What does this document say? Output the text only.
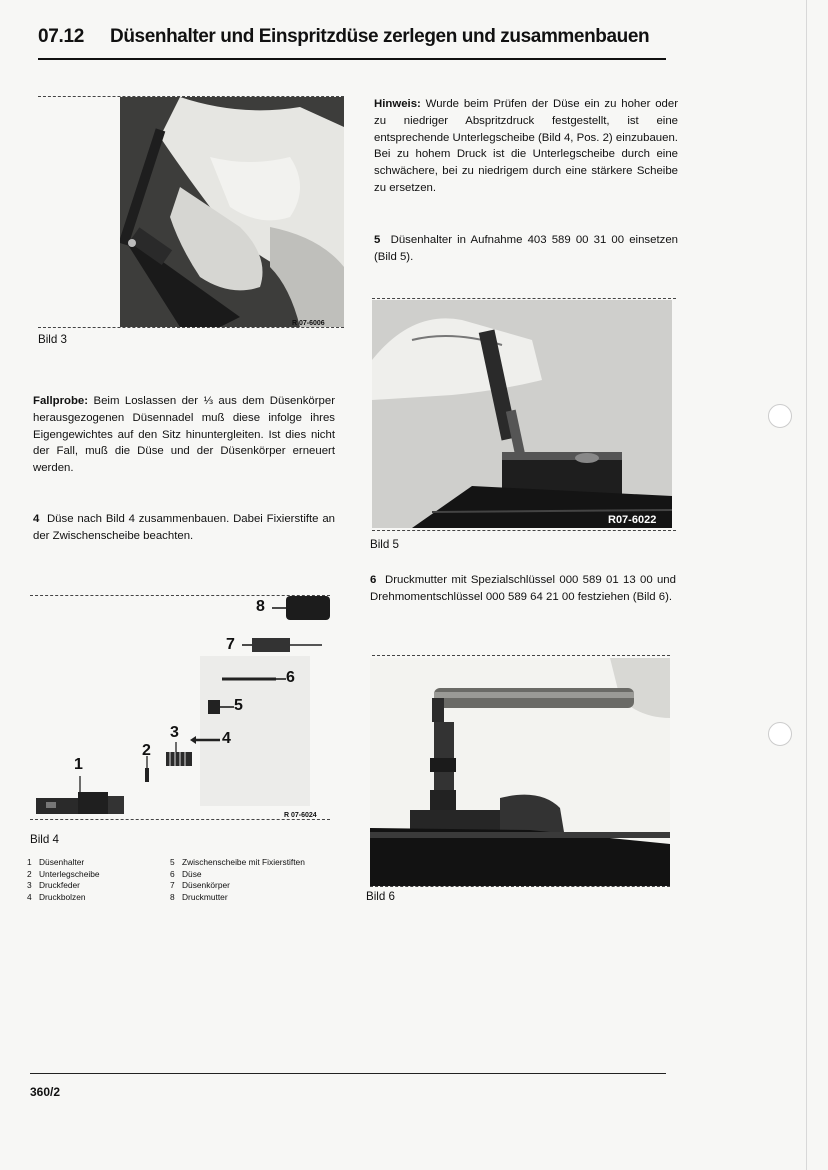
07.12 Düsenhalter und Einspritzdüse zerlegen und zusammenbauen
R 07-6006
Bild 3
Fallprobe: Beim Loslassen der ⅓ aus dem Düsenkörper herausgezogenen Düsennadel muß diese infolge ihres Eigengewichtes auf den Sitz hinuntergleiten. Ist dies nicht der Fall, muß die Düse und der Düsenkörper erneuert werden.
4 Düse nach Bild 4 zusammenbauen. Dabei Fixierstifte an der Zwischenscheibe beachten.
8
7
6
5
4
3
2
1
R 07-6024
Bild 4
1 Düsenhalter
2 Unterlegscheibe
3 Druckfeder
4 Druckbolzen
5 Zwischenscheibe mit Fixierstiften
6 Düse
7 Düsenkörper
8 Druckmutter
Hinweis: Wurde beim Prüfen der Düse ein zu hoher oder zu niedriger Abspritzdruck festgestellt, ist eine entsprechende Unterlegscheibe (Bild 4, Pos. 2) einzubauen.
Bei zu hohem Druck ist die Unterlegscheibe durch eine schwächere, bei zu niedrigem durch eine stärkere Scheibe zu ersetzen.
5 Düsenhalter in Aufnahme 403 589 00 31 00 einsetzen (Bild 5).
R07-6022
Bild 5
6 Druckmutter mit Spezialschlüssel 000 589 01 13 00 und Drehmomentschlüssel 000 589 64 21 00 festziehen (Bild 6).
Bild 6
360/2
